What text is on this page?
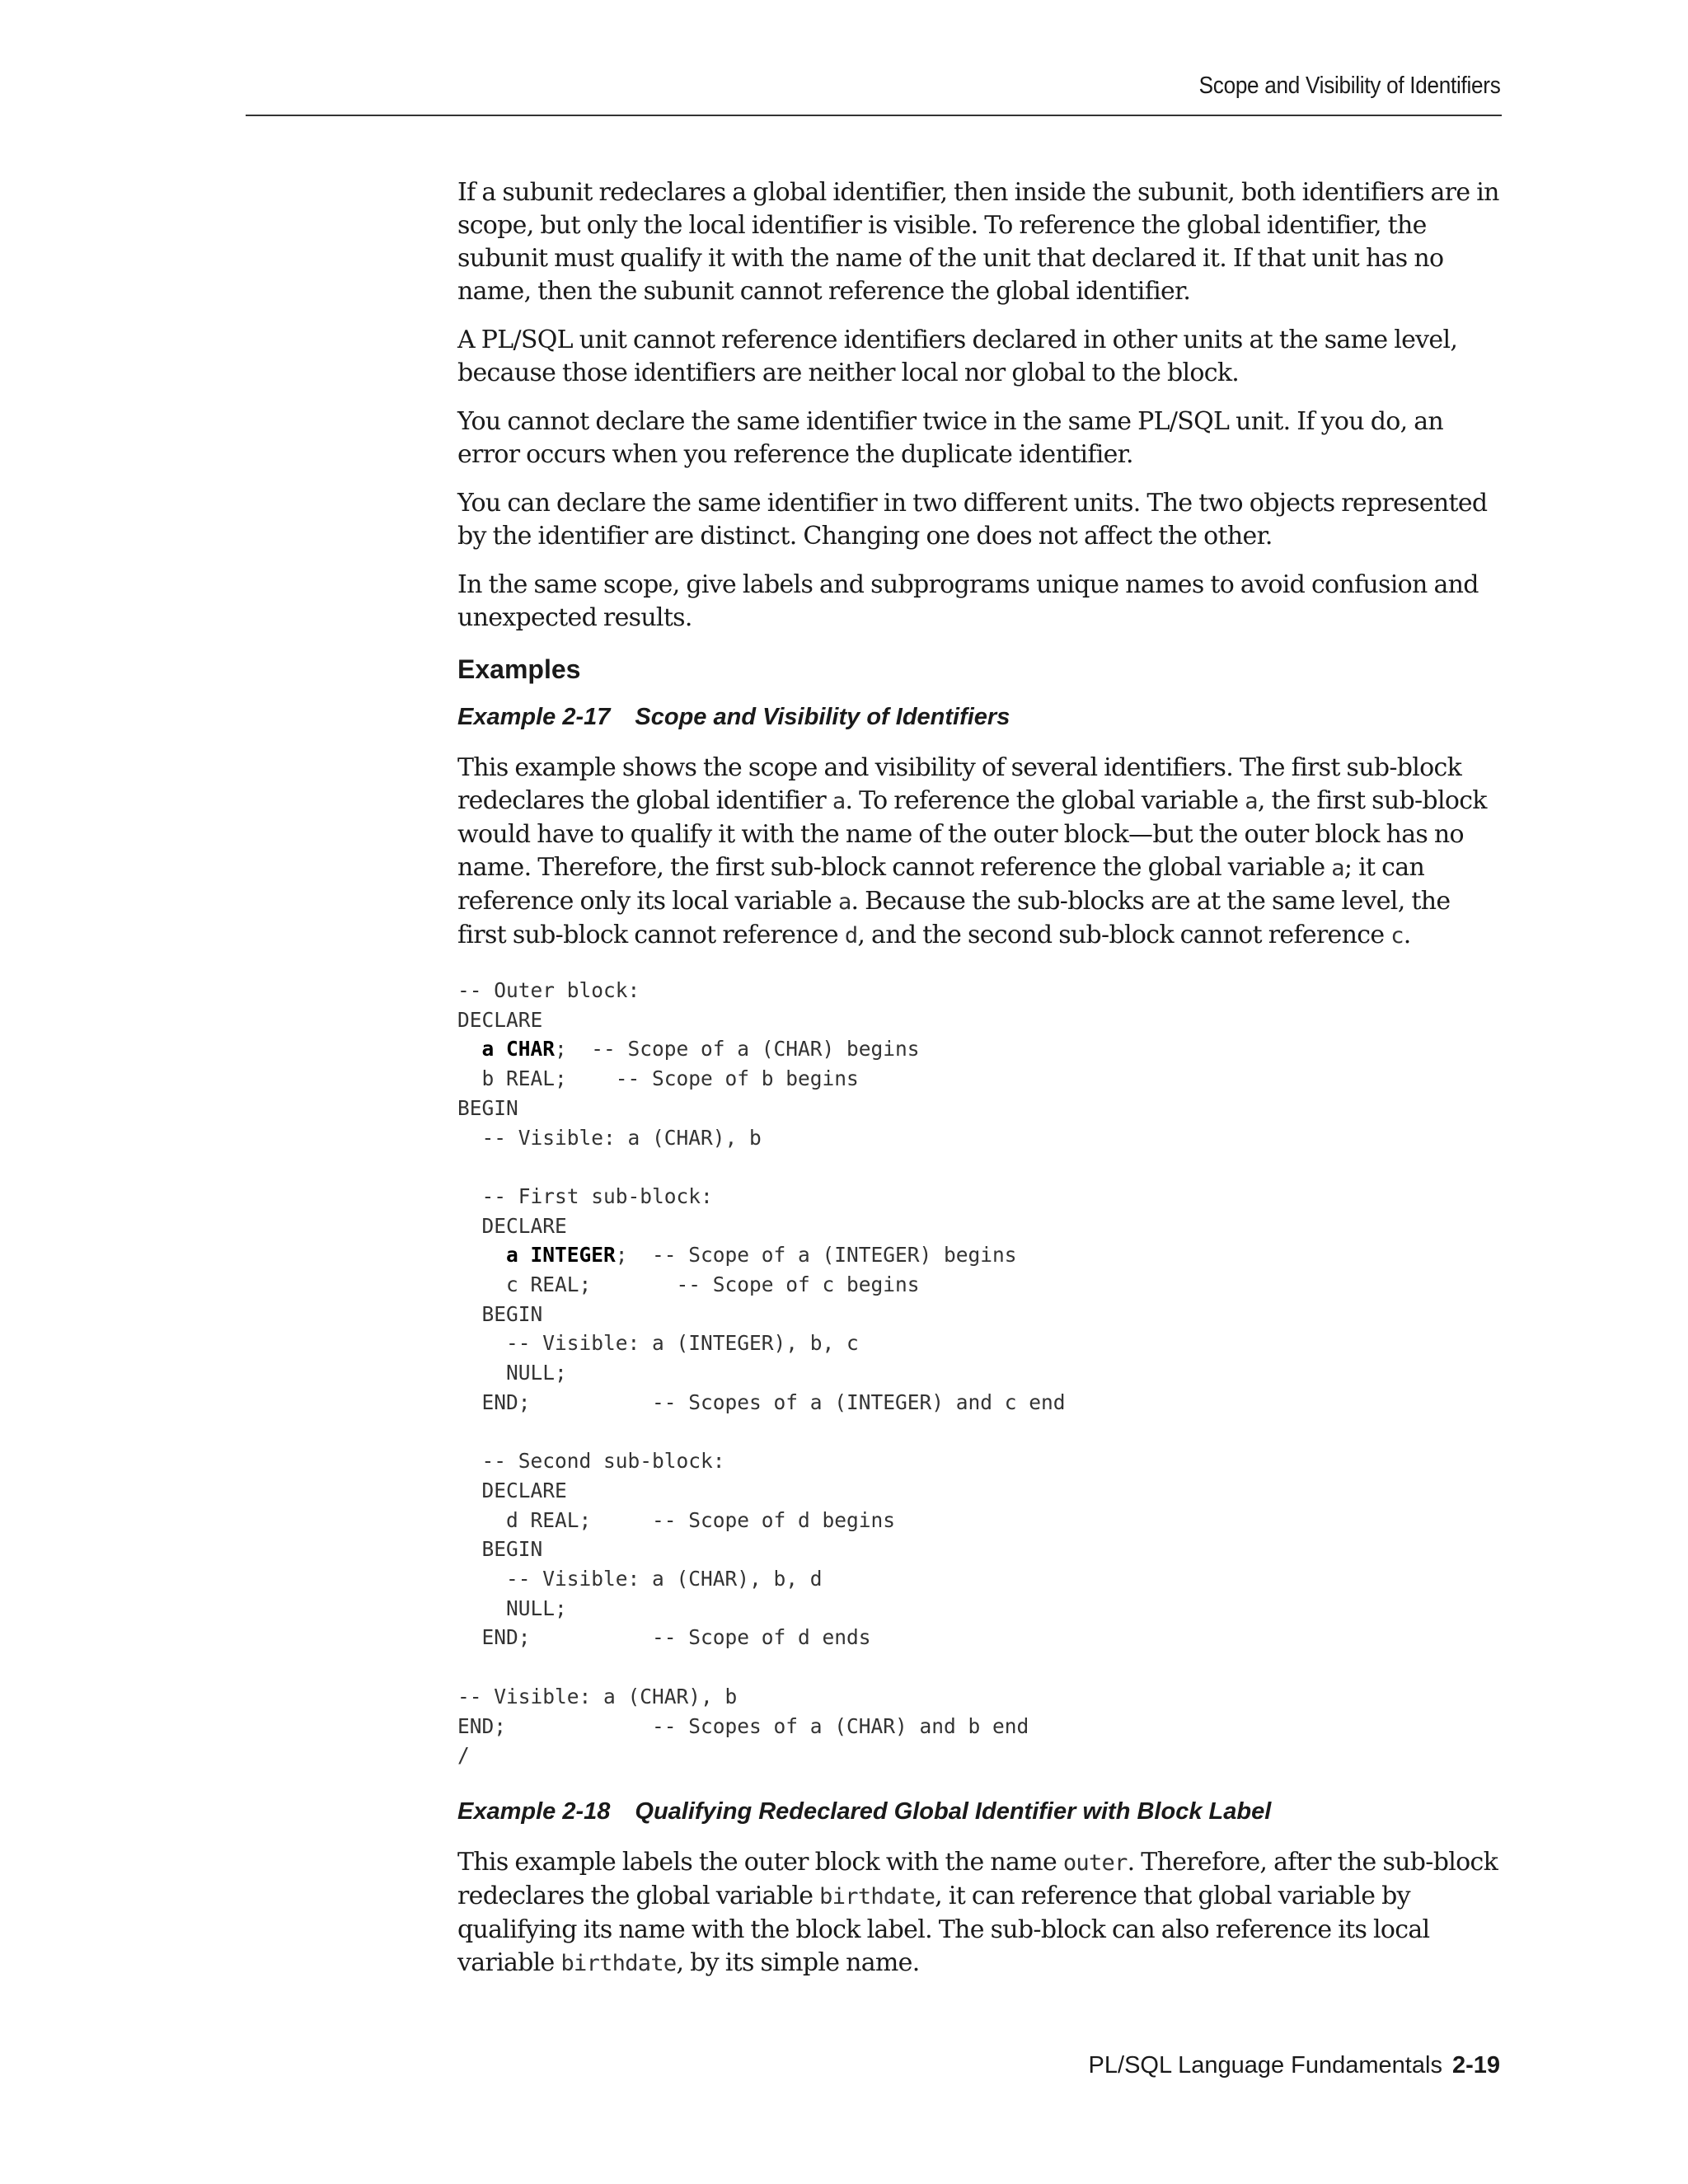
Scope and Visibility of Identifiers

If a subunit redeclares a global identifier, then inside the subunit, both identifiers are in scope, but only the local identifier is visible. To reference the global identifier, the subunit must qualify it with the name of the unit that declared it. If that unit has no name, then the subunit cannot reference the global identifier.

A PL/SQL unit cannot reference identifiers declared in other units at the same level, because those identifiers are neither local nor global to the block.

You cannot declare the same identifier twice in the same PL/SQL unit. If you do, an error occurs when you reference the duplicate identifier.

You can declare the same identifier in two different units. The two objects represented by the identifier are distinct. Changing one does not affect the other.

In the same scope, give labels and subprograms unique names to avoid confusion and unexpected results.

Examples
Example 2-17 Scope and Visibility of Identifiers

This example shows the scope and visibility of several identifiers. The first sub-block redeclares the global identifier a. To reference the global variable a, the first sub-block would have to qualify it with the name of the outer block—but the outer block has no name. Therefore, the first sub-block cannot reference the global variable a; it can reference only its local variable a. Because the sub-blocks are at the same level, the first sub-block cannot reference d, and the second sub-block cannot reference c.

-- Outer block:
DECLARE
a CHAR;  -- Scope of a (CHAR) begins
b REAL;    -- Scope of b begins
BEGIN
-- Visible: a (CHAR), b

-- First sub-block:
DECLARE
a INTEGER;  -- Scope of a (INTEGER) begins
c REAL;       -- Scope of c begins
BEGIN
-- Visible: a (INTEGER), b, c
NULL;
END;          -- Scopes of a (INTEGER) and c end

-- Second sub-block:
DECLARE
d REAL;     -- Scope of d begins
BEGIN
-- Visible: a (CHAR), b, d
NULL;
END;          -- Scope of d ends

-- Visible: a (CHAR), b
END;            -- Scopes of a (CHAR) and b end
/
Example 2-18 Qualifying Redeclared Global Identifier with Block Label

This example labels the outer block with the name outer. Therefore, after the sub-block redeclares the global variable birthdate, it can reference that global variable by qualifying its name with the block label. The sub-block can also reference its local variable birthdate, by its simple name.

PL/SQL Language Fundamentals 2-19
